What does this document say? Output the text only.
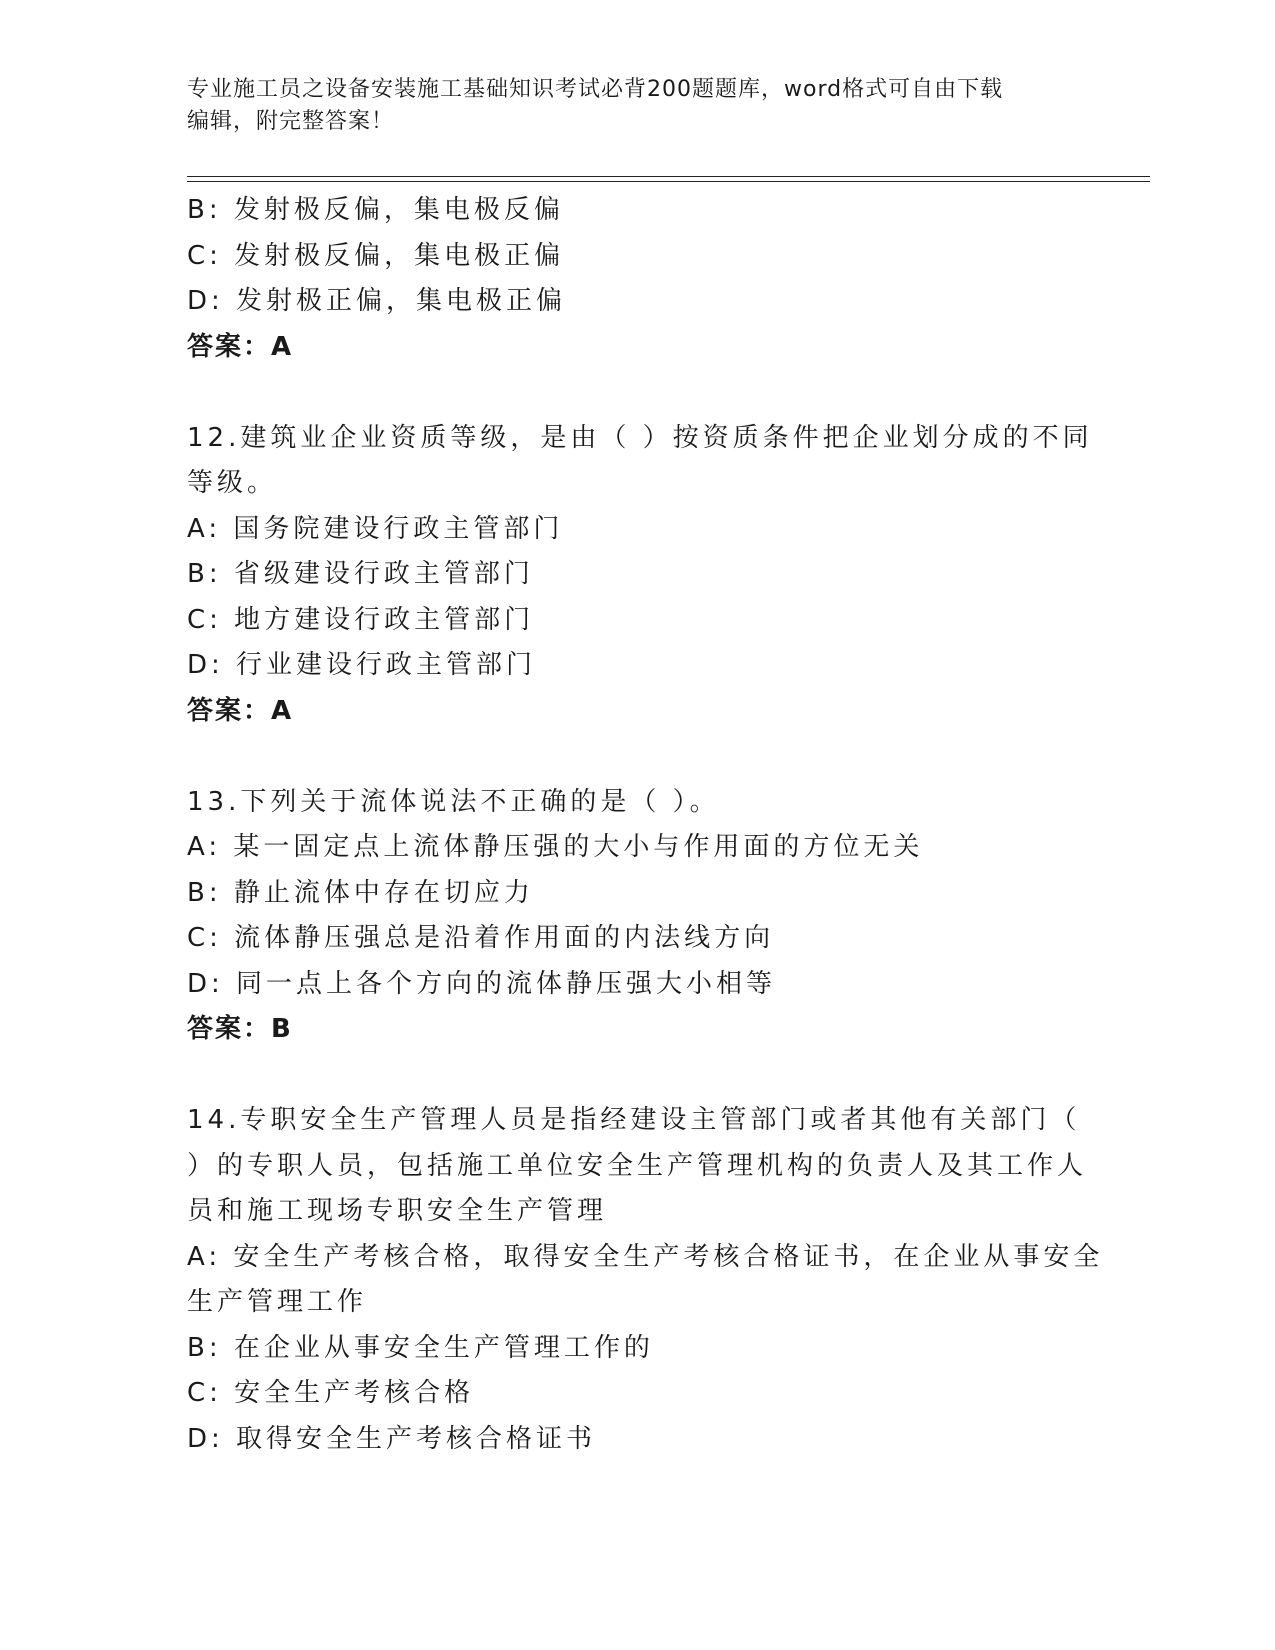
专业施工员之设备安装施工基础知识考试必背200题题库，word格式可自由下载
编辑，附完整答案！
B: 发射极反偏，集电极反偏
C: 发射极反偏，集电极正偏
D: 发射极正偏，集电极正偏
答案：A
12.建筑业企业资质等级，是由（ ）按资质条件把企业划分成的不同
等级。
A: 国务院建设行政主管部门
B: 省级建设行政主管部门
C: 地方建设行政主管部门
D: 行业建设行政主管部门
答案：A
13.下列关于流体说法不正确的是（ ）。
A: 某一固定点上流体静压强的大小与作用面的方位无关
B: 静止流体中存在切应力
C: 流体静压强总是沿着作用面的内法线方向
D: 同一点上各个方向的流体静压强大小相等
答案：B
14.专职安全生产管理人员是指经建设主管部门或者其他有关部门（
）的专职人员，包括施工单位安全生产管理机构的负责人及其工作人
员和施工现场专职安全生产管理
A: 安全生产考核合格，取得安全生产考核合格证书，在企业从事安全
生产管理工作
B: 在企业从事安全生产管理工作的
C: 安全生产考核合格
D: 取得安全生产考核合格证书
